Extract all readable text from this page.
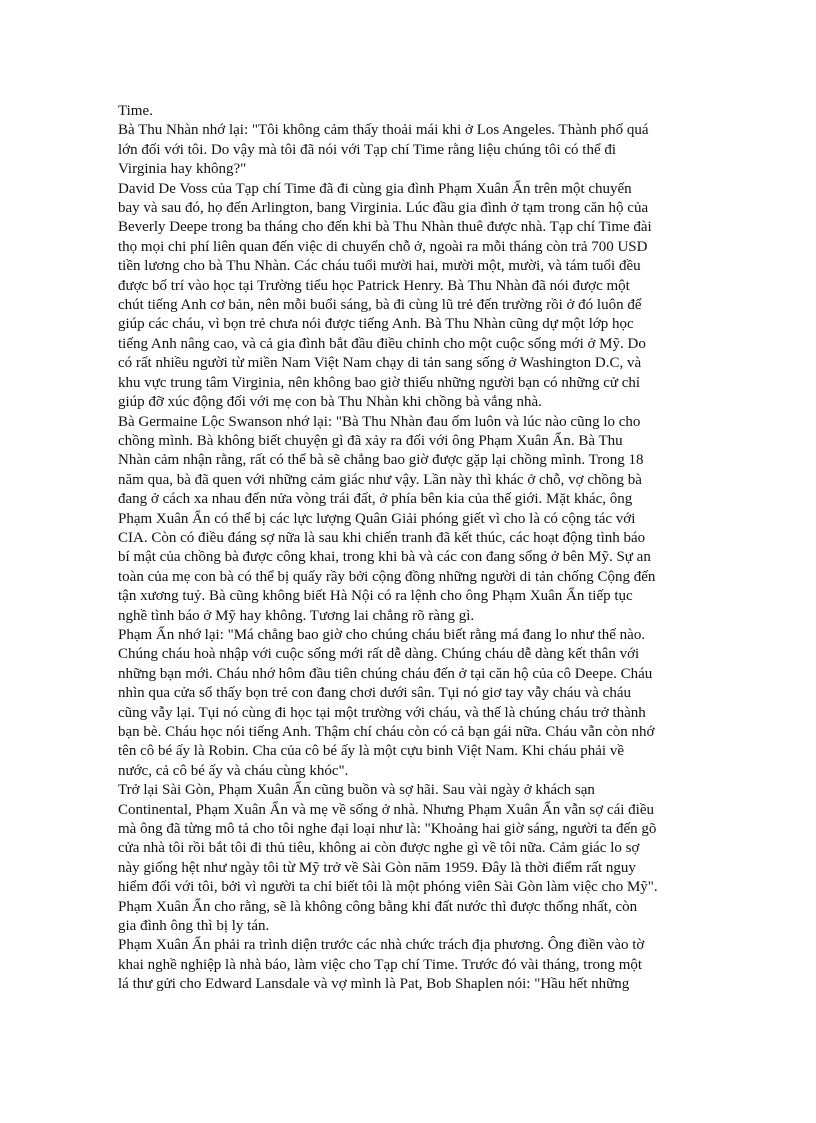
Time.

Bà Thu Nhàn nhớ lại: "Tôi không cảm thấy thoải mái khi ở Los Angeles. Thành phố quá
lớn đối với tôi. Do vậy mà tôi đã nói với Tạp chí Time rằng liệu chúng tôi có thể đi
Virginia hay không?"

David De Voss của Tạp chí Time đã đi cùng gia đình Phạm Xuân Ẩn trên một chuyến
bay và sau đó, họ đến Arlington, bang Virginia. Lúc đầu gia đình ở tạm trong căn hộ của
Beverly Deepe trong ba tháng cho đến khi bà Thu Nhàn thuê được nhà. Tạp chí Time đài
thọ mọi chi phí liên quan đến việc di chuyển chỗ ở, ngoài ra mỗi tháng còn trả 700 USD
tiền lương cho bà Thu Nhàn. Các cháu tuổi mười hai, mười một, mười, và tám tuổi đều
được bố trí vào học tại Trường tiểu học Patrick Henry. Bà Thu Nhàn đã nói được một
chút tiếng Anh cơ bản, nên mỗi buổi sáng, bà đi cùng lũ trẻ đến trường rồi ở đó luôn để
giúp các cháu, vì bọn trẻ chưa nói được tiếng Anh. Bà Thu Nhàn cũng dự một lớp học
tiếng Anh nâng cao, và cả gia đình bắt đầu điều chỉnh cho một cuộc sống mới ở Mỹ. Do
có rất nhiều người từ miền Nam Việt Nam chạy di tản sang sống ở Washington D.C, và
khu vực trung tâm Virginia, nên không bao giờ thiếu những người bạn có những cử chỉ
giúp đỡ xúc động đối với mẹ con bà Thu Nhàn khi chồng bà vắng nhà.

Bà Germaine Lộc Swanson nhớ lại: "Bà Thu Nhàn đau ốm luôn và lúc nào cũng lo cho
chồng mình. Bà không biết chuyện gì đã xảy ra đối với ông Phạm Xuân Ẩn. Bà Thu
Nhàn cảm nhận rằng, rất có thể bà sẽ chẳng bao giờ được gặp lại chồng mình. Trong 18
năm qua, bà đã quen với những cảm giác như vậy. Lần này thì khác ở chỗ, vợ chồng bà
đang ở cách xa nhau đến nửa vòng trái đất, ở phía bên kia của thế giới. Mặt khác, ông
Phạm Xuân Ẩn có thể bị các lực lượng Quân Giải phóng giết vì cho là có cộng tác với
CIA. Còn có điều đáng sợ nữa là sau khi chiến tranh đã kết thúc, các hoạt động tình báo
bí mật của chồng bà được công khai, trong khi bà và các con đang sống ở bên Mỹ. Sự an
toàn của mẹ con bà có thể bị quấy rầy bởi cộng đồng những người di tản chống Cộng đến
tận xương tuỷ. Bà cũng không biết Hà Nội có ra lệnh cho ông Phạm Xuân Ẩn tiếp tục
nghề tình báo ở Mỹ hay không. Tương lai chẳng rõ ràng gì.

Phạm Ẩn nhớ lại: "Má chẳng bao giờ cho chúng cháu biết rằng má đang lo như thế nào.
Chúng cháu hoà nhập với cuộc sống mới rất dễ dàng. Chúng cháu dễ dàng kết thân với
những bạn mới. Cháu nhớ hôm đầu tiên chúng cháu đến ở tại căn hộ của cô Deepe. Cháu
nhìn qua cửa sổ thấy bọn trẻ con đang chơi dưới sân. Tụi nó giơ tay vẫy cháu và cháu
cũng vẫy lại. Tụi nó cùng đi học tại một trường với cháu, và thế là chúng cháu trở thành
bạn bè. Cháu học nói tiếng Anh. Thậm chí cháu còn có cả bạn gái nữa. Cháu vẫn còn nhớ
tên cô bé ấy là Robin. Cha của cô bé ấy là một cựu binh Việt Nam. Khi cháu phải về
nước, cả cô bé ấy và cháu cùng khóc".

Trở lại Sài Gòn, Phạm Xuân Ẩn cũng buồn và sợ hãi. Sau vài ngày ở khách sạn
Continental, Phạm Xuân Ẩn và mẹ về sống ở nhà. Nhưng Phạm Xuân Ẩn vẫn sợ cái điều
mà ông đã từng mô tả cho tôi nghe đại loại như là: "Khoảng hai giờ sáng, người ta đến gõ
cửa nhà tôi rồi bắt tôi đi thủ tiêu, không ai còn được nghe gì về tôi nữa. Cảm giác lo sợ
này giống hệt như ngày tôi từ Mỹ trở về Sài Gòn năm 1959. Đây là thời điểm rất nguy
hiểm đối với tôi, bởi vì người ta chỉ biết tôi là một phóng viên Sài Gòn làm việc cho Mỹ".
Phạm Xuân Ẩn cho rằng, sẽ là không công bằng khi đất nước thì được thống nhất, còn
gia đình ông thì bị ly tán.

Phạm Xuân Ẩn phải ra trình diện trước các nhà chức trách địa phương. Ông điền vào tờ
khai nghề nghiệp là nhà báo, làm việc cho Tạp chí Time. Trước đó vài tháng, trong một
lá thư gửi cho Edward Lansdale và vợ mình là Pat, Bob Shaplen nói: "Hầu hết những
